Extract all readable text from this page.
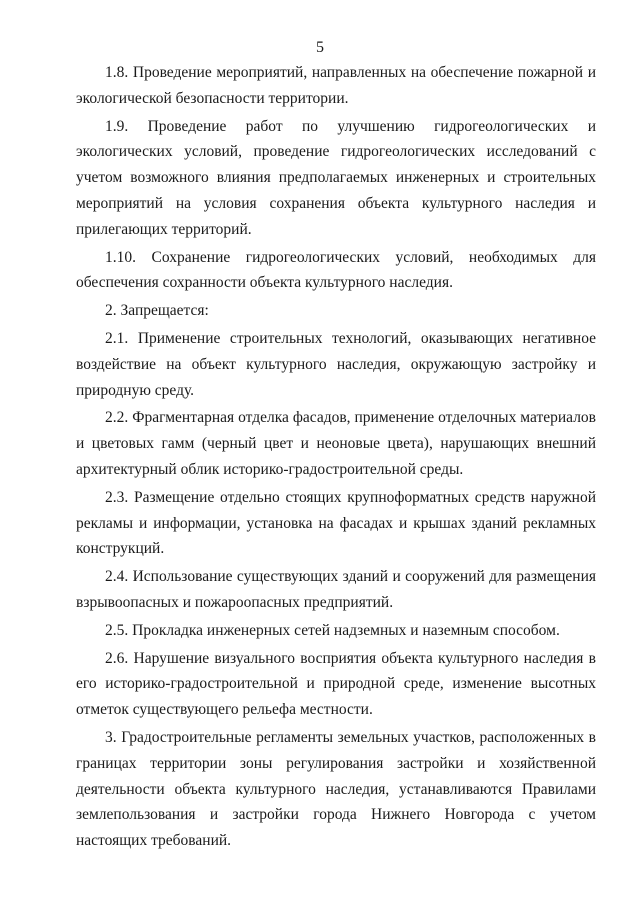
5

1.8. Проведение мероприятий, направленных на обеспечение пожарной и экологической безопасности территории.

1.9. Проведение работ по улучшению гидрогеологических и экологических условий, проведение гидрогеологических исследований с учетом возможного влияния предполагаемых инженерных и строительных мероприятий на условия сохранения объекта культурного наследия и прилегающих территорий.

1.10. Сохранение гидрогеологических условий, необходимых для обеспечения сохранности объекта культурного наследия.

2. Запрещается:

2.1. Применение строительных технологий, оказывающих негативное воздействие на объект культурного наследия, окружающую застройку и природную среду.

2.2. Фрагментарная отделка фасадов, применение отделочных материалов и цветовых гамм (черный цвет и неоновые цвета), нарушающих внешний архитектурный облик историко-градостроительной среды.

2.3. Размещение отдельно стоящих крупноформатных средств наружной рекламы и информации, установка на фасадах и крышах зданий рекламных конструкций.

2.4. Использование существующих зданий и сооружений для размещения взрывоопасных и пожароопасных предприятий.

2.5. Прокладка инженерных сетей надземных и наземным способом.

2.6. Нарушение визуального восприятия объекта культурного наследия в его историко-градостроительной и природной среде, изменение высотных отметок существующего рельефа местности.

3. Градостроительные регламенты земельных участков, расположенных в границах территории зоны регулирования застройки и хозяйственной деятельности объекта культурного наследия, устанавливаются Правилами землепользования и застройки города Нижнего Новгорода с учетом настоящих требований.
